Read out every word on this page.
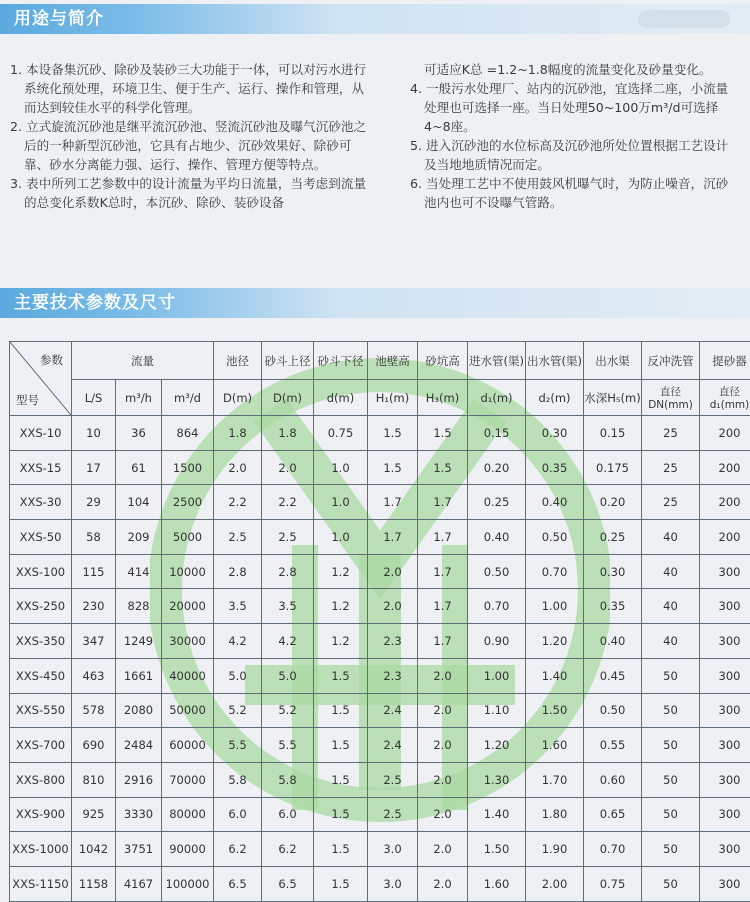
用途与简介

1. 本设备集沉砂、除砂及装砂三大功能于一体，可以对污水进行系统化预处理，环境卫生、便于生产、运行、操作和管理，从而达到较佳水平的科学化管理。

2. 立式旋流沉砂池是继平流沉砂池、竖流沉砂池及曝气沉砂池之后的一种新型沉砂池，它具有占地少、沉砂效果好、除砂可靠、砂水分离能力强、运行、操作、管理方便等特点。

3. 表中所列工艺参数中的设计流量为平均日流量，当考虑到流量的总变化系数K总时，本沉砂、除砂、装砂设备

可适应K总 =1.2~1.8幅度的流量变化及砂量变化。

4. 一般污水处理厂、站内的沉砂池，宜选择二座，小流量处理也可选择一座。当日处理50~100万m³/d可选择4~8座。

5. 进入沉砂池的水位标高及沉砂池所处位置根据工艺设计及当地地质情况而定。

6. 当处理工艺中不使用鼓风机曝气时，为防止噪音，沉砂池内也可不设曝气管路。

主要技术参数及尺寸
参数
型号	流量			池径	砂斗上径	砂斗下径	池壁高	砂坑高	进水管(渠)	出水管(渠)	出水渠	反冲洗管	提砂器
	L/S	m³/h	m³/d	D(m)	D(m)	d(m)	H₁(m)	H₃(m)	d₁(m)	d₂(m)	水深H₅(m)	直径DN(mm)	直径d₁(mm)
XXS-10	10	36	864	1.8	1.8	0.75	1.5	1.5	0.15	0.30	0.15	25	200
XXS-15	17	61	1500	2.0	2.0	1.0	1.5	1.5	0.20	0.35	0.175	25	200
XXS-30	29	104	2500	2.2	2.2	1.0	1.7	1.7	0.25	0.40	0.20	25	200
XXS-50	58	209	5000	2.5	2.5	1.0	1.7	1.7	0.40	0.50	0.25	40	200
XXS-100	115	414	10000	2.8	2.8	1.2	2.0	1.7	0.50	0.70	0.30	40	300
XXS-250	230	828	20000	3.5	3.5	1.2	2.0	1.7	0.70	1.00	0.35	40	300
XXS-350	347	1249	30000	4.2	4.2	1.2	2.3	1.7	0.90	1.20	0.40	40	300
XXS-450	463	1661	40000	5.0	5.0	1.5	2.3	2.0	1.00	1.40	0.45	50	300
XXS-550	578	2080	50000	5.2	5.2	1.5	2.4	2.0	1.10	1.50	0.50	50	300
XXS-700	690	2484	60000	5.5	5.5	1.5	2.4	2.0	1.20	1.60	0.55	50	300
XXS-800	810	2916	70000	5.8	5.8	1.5	2.5	2.0	1.30	1.70	0.60	50	300
XXS-900	925	3330	80000	6.0	6.0	1.5	2.5	2.0	1.40	1.80	0.65	50	300
XXS-1000	1042	3751	90000	6.2	6.2	1.5	3.0	2.0	1.50	1.90	0.70	50	300
XXS-1150	1158	4167	100000	6.5	6.5	1.5	3.0	2.0	1.60	2.00	0.75	50	300
